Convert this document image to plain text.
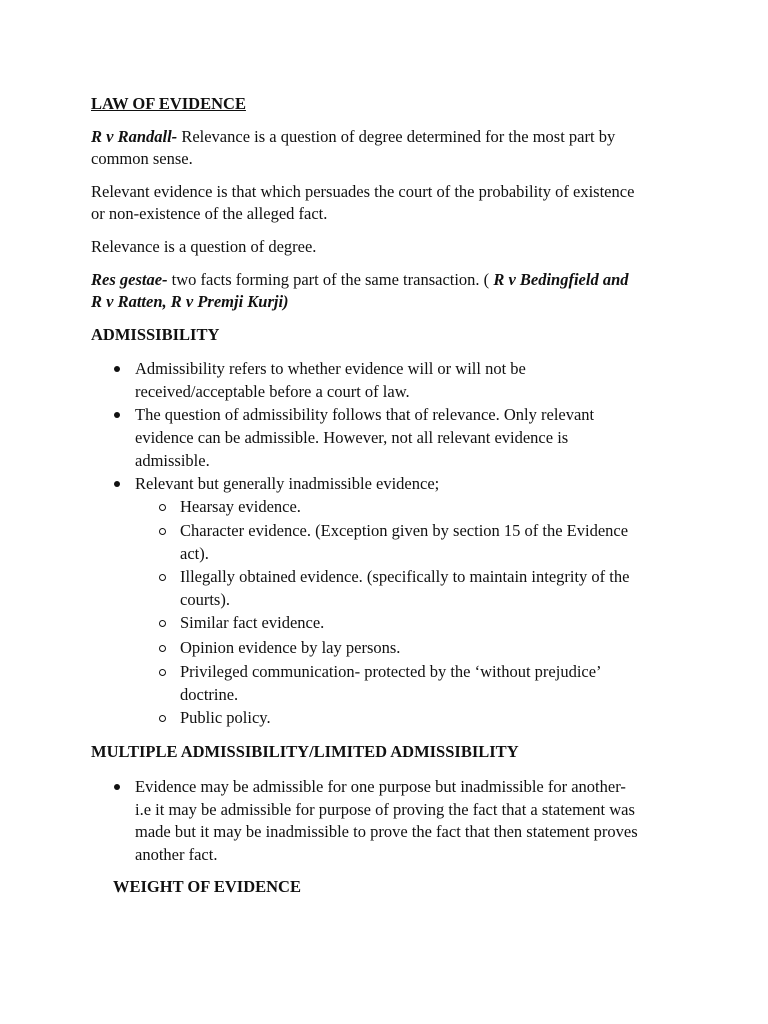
LAW OF EVIDENCE
R v Randall- Relevance is a question of degree determined for the most part by
common sense.
Relevant evidence is that which persuades the court of the probability of existence
or non-existence of the alleged fact.
Relevance is a question of degree.
Res gestae- two facts forming part of the same transaction. ( R v Bedingfield and
R v Ratten, R v Premji Kurji)
ADMISSIBILITY
Admissibility refers to whether evidence will or will not be
received/acceptable before a court of law.
The question of admissibility follows that of relevance. Only relevant
evidence can be admissible. However, not all relevant evidence is
admissible.
Relevant but generally inadmissible evidence;
Hearsay evidence.
Character evidence. (Exception given by section 15 of the Evidence
act).
Illegally obtained evidence. (specifically to maintain integrity of the
courts).
Similar fact evidence.
Opinion evidence by lay persons.
Privileged communication- protected by the ‘without prejudice’
doctrine.
Public policy.
MULTIPLE ADMISSIBILITY/LIMITED ADMISSIBILITY
Evidence may be admissible for one purpose but inadmissible for another-
i.e it may be admissible for purpose of proving the fact that a statement was
made but it may be inadmissible to prove the fact that then statement proves
another fact.
WEIGHT OF EVIDENCE
